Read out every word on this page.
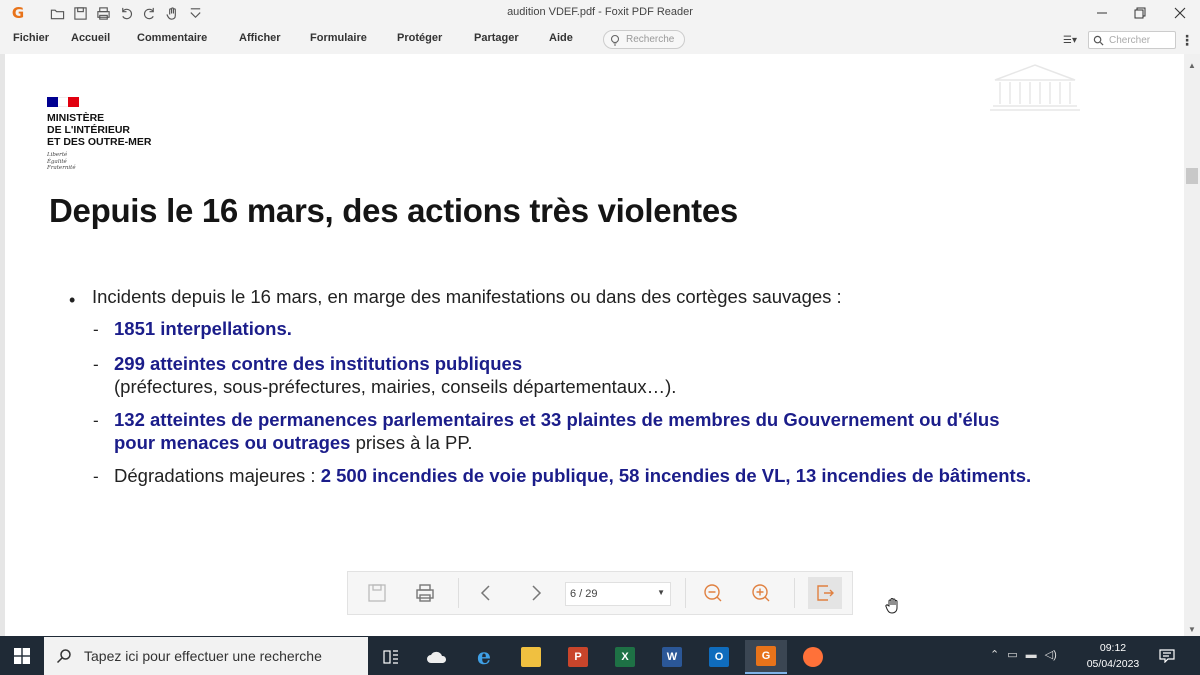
G	audition VDEF.pdf - Foxit PDF Reader
Fichier Accueil Commentaire	Afficher	Formulaire	Protéger	Partager	Aide	Recherche	☰▾	Chercher ⋮
▲
▼
MINISTÈRE
DE L'INTÉRIEUR
ET DES OUTRE-MER
Liberté
Égalité
Fraternité
Depuis le 16 mars, des actions très violentes
• Incidents depuis le 16 mars, en marge des manifestations ou dans des cortèges sauvages :
- 1851 interpellations.
- 299 atteintes contre des institutions publiques
(préfectures, sous-préfectures, mairies, conseils départementaux…).
- 132 atteintes de permanences parlementaires et 33 plaintes de membres du Gouvernement ou d'élus
pour menaces ou outrages prises à la PP.
- Dégradations majeures : 2 500 incendies de voie publique, 58 incendies de VL, 13 incendies de bâtiments.
6 / 29	▼
Tapez ici pour effectuer une recherche	e	P	X	W	O	G	⌃ ▭ ▬ ◁)
09:12
05/04/2023
